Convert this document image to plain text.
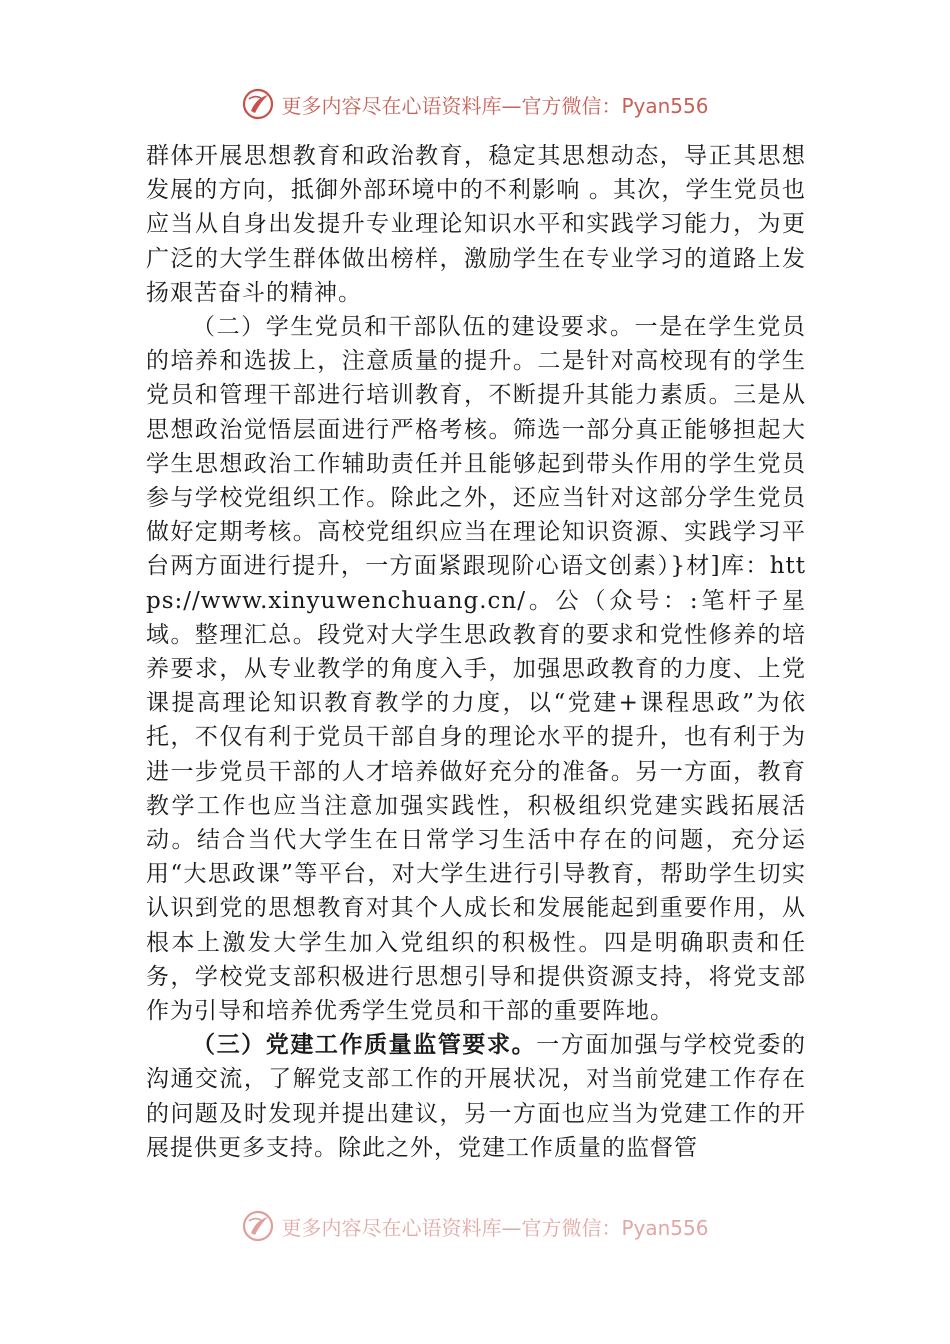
更多内容尽在心语资料库—官方微信：Pyan556

群体开展思想教育和政治教育，稳定其思想动态，导正其思想发展的方向，抵御外部环境中的不利影响 。其次，学生党员也应当从自身出发提升专业理论知识水平和实践学习能力，为更广泛的大学生群体做出榜样，激励学生在专业学习的道路上发扬艰苦奋斗的精神。

（二）学生党员和干部队伍的建设要求。一是在学生党员的培养和选拔上，注意质量的提升。二是针对高校现有的学生党员和管理干部进行培训教育，不断提升其能力素质。三是从思想政治觉悟层面进行严格考核。筛选一部分真正能够担起大学生思想政治工作辅助责任并且能够起到带头作用的学生党员参与学校党组织工作。除此之外，还应当针对这部分学生党员做好定期考核。高校党组织应当在理论知识资源、实践学习平台两方面进行提升，一方面紧跟现阶心语文创素）}材]库：https://www.xinyuwenchuang.cn/。公（众号：:笔杆子星域。整理汇总。段党对大学生思政教育的要求和党性修养的培养要求，从专业教学的角度入手，加强思政教育的力度、上党课提高理论知识教育教学的力度，以“党建+课程思政”为依托，不仅有利于党员干部自身的理论水平的提升，也有利于为进一步党员干部的人才培养做好充分的准备。另一方面，教育教学工作也应当注意加强实践性，积极组织党建实践拓展活动。结合当代大学生在日常学习生活中存在的问题，充分运用“大思政课”等平台，对大学生进行引导教育，帮助学生切实认识到党的思想教育对其个人成长和发展能起到重要作用，从根本上激发大学生加入党组织的积极性。四是明确职责和任务，学校党支部积极进行思想引导和提供资源支持，将党支部作为引导和培养优秀学生党员和干部的重要阵地。

（三）党建工作质量监管要求。一方面加强与学校党委的沟通交流，了解党支部工作的开展状况，对当前党建工作存在的问题及时发现并提出建议，另一方面也应当为党建工作的开展提供更多支持。除此之外，党建工作质量的监督管

更多内容尽在心语资料库—官方微信：Pyan556
